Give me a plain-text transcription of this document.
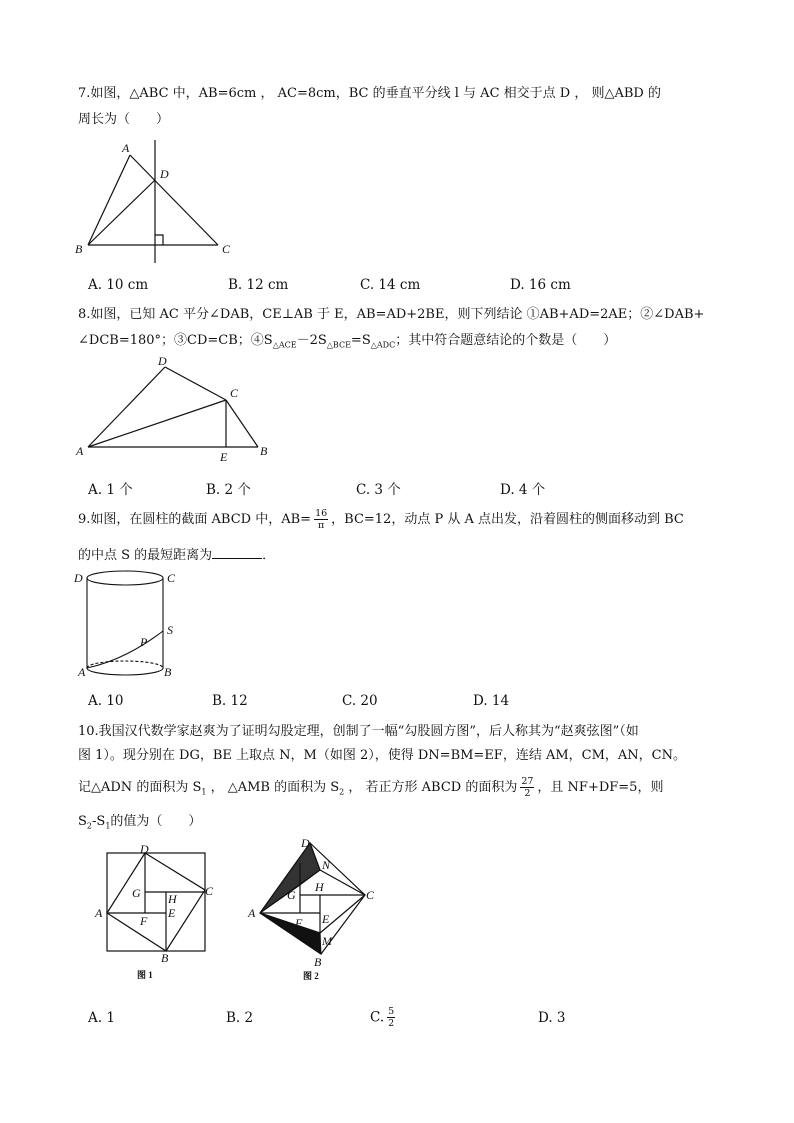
7.如图，△ABC 中，AB=6cm ， AC=8cm，BC 的垂直平分线 l 与 AC 相交于点 D ， 则△ABD 的
周长为（　　）
A
D
B	C
A. 10 cm	B. 12 cm	C. 14 cm	D. 16 cm
8.如图，已知 AC 平分∠DAB，CE⊥AB 于 E，AB=AD+2BE，则下列结论 ①AB+AD=2AE；②∠DAB+
∠DCB=180°；③CD=CB；$④S_{\triangle ACE}-2S_{\triangle BCE}=S_{\triangle ADC}$；其中符合题意结论的个数是（　　）
D
C
A	E	B
A. 1 个	B. 2 个	C. 3 个	D. 4 个
9.如图，在圆柱的截面 ABCD 中，$AB= \frac{16}{\pi}$ ，BC=12，动点 P 从 A 点出发，沿着圆柱的侧面移动到 BC
的中点 S 的最短距离为	．
D	C
S
P
A	B
A. 10	B. 12	C. 20	D. 14
10.我国汉代数学家赵爽为了证明勾股定理，创制了一幅“勾股圆方图”，后人称其为“赵爽弦图”（如
图 1）。现分别在 DG，BE 上取点 N，M（如图 2），使得 DN=BM=EF，连结 AM，CM，AN，CN。
记△ADN 的面积为 $S_1$ ， △AMB 的面积为 $S_2$ ， 若正方形 ABCD 的面积为 $\frac{27}{2}$ ，且 NF+DF=5，则
$S_2-S_1$的值为（　　）
D
C
A
B
G H
F
E
图 1
D
N
C
A
G
H
E
F
M
B
图 2
A. 1	B. 2	C. $\frac{5}{2}$	D. 3
